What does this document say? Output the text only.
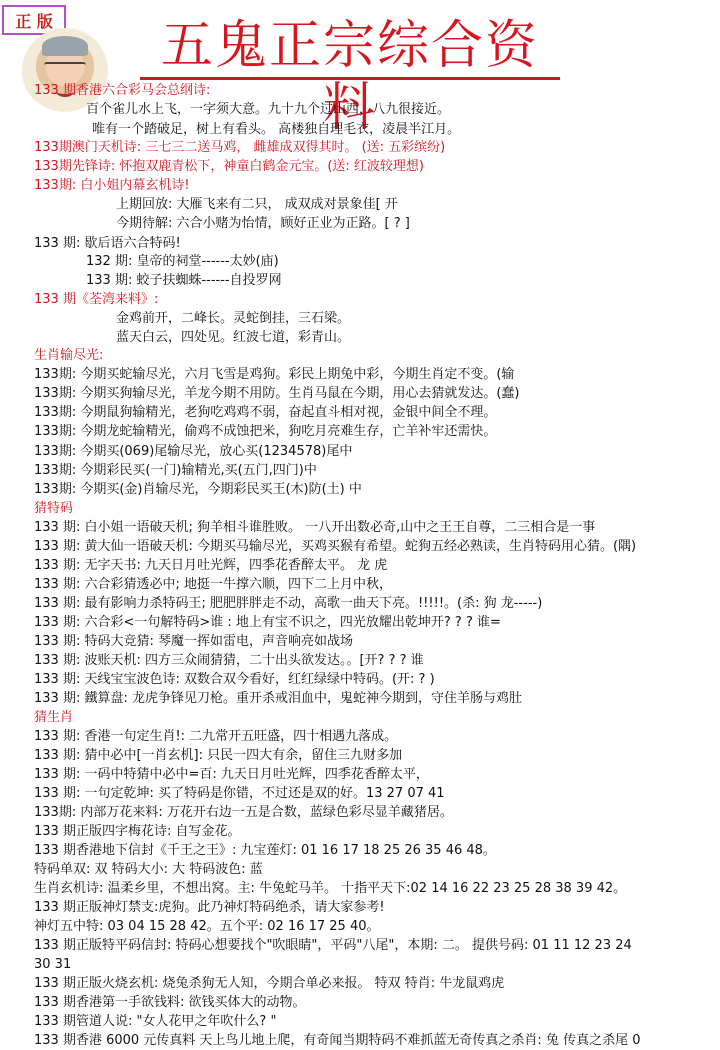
正 版	五鬼正宗综合资料
133 期香港六合彩马会总纲诗:
百个雀儿水上飞，一字须大意。九十九个过山西，八九很接近。
唯有一个踏破足，树上有看头。 高楼独自理毛衣，凌晨半江月。
133期澳门天机诗: 三七三二送马鸡， 雌雄成双得其时。 (送: 五彩缤纷)
133期先锋诗: 怀抱双鹿青松下，神童白鹤金元宝。(送: 红波较理想)
133期: 白小姐内幕玄机诗!
上期回放: 大雁飞来有二只， 成双成对景象佳[ 开
今期待解: 六合小赌为怡情，顾好正业为正路。[ ? ]
133 期: 歇后语六合特码!
132 期: 皇帝的祠堂------太妙(庙)
133 期: 蛟子扶蜘蛛------自投罗网
133 期《荃湾来料》:
金鸡前开，二峰长。灵蛇倒挂，三石梁。
蓝天白云，四处见。红波七道，彩青山。
生肖输尽光:
133期: 今期买蛇输尽光，六月飞雪是鸡狗。彩民上期兔中彩，今期生肖定不变。(输
133期: 今期买狗输尽光，羊龙今期不用防。生肖马鼠在今期，用心去猜就发达。(蠢)
133期: 今期鼠狗输精光，老狗吃鸡鸡不弱，奋起直斗相对视，金银中间全不理。
133期: 今期龙蛇输精光，偷鸡不成蚀把米，狗吃月亮难生存，亡羊补牢还需快。
133期: 今期买(069)尾输尽光，放心买(1234578)尾中
133期: 今期彩民买(一门)输精光,买(五门,四门)中
133期: 今期买(金)肖输尽光，今期彩民买王(木)防(土) 中
猜特码
133 期: 白小姐一语破天机; 狗羊相斗谁胜败。 一八开出数必奇,山中之王王自尊，二三相合是一事
133 期: 黄大仙一语破天机: 今期买马输尽光，买鸡买猴有希望。蛇狗五经必熟读，生肖特码用心猜。(隅)
133 期: 无字天书: 九天日月吐光辉，四季花香醉太平。 龙 虎
133 期: 六合彩猜透必中; 地挺一牛撑六顺，四下二上月中秋，
133 期: 最有影响力杀特码王; 肥肥胖胖走不动，高歌一曲天下亮。!!!!!。(杀: 狗 龙-----)
133 期: 六合彩<一句解特码>谁 : 地上有宝不识之，四光放耀出乾坤开? ? ? 谁=
133 期: 特码大竞猜: 琴魔一挥如雷电，声音响亮如战场
133 期: 波账天机: 四方三众闹猜猜，二十出头欲发达。。[开? ? ? 谁
133 期: 天线宝宝波色诗: 双数合双今看好，红红绿绿中特码。(开: ? )
133 期: 鐵算盘: 龙虎争锋见刀枪。重开杀戒泪血中，鬼蛇神今期到，守住羊肠与鸡肚
猜生肖
133 期: 香港一句定生肖!: 二九常开五旺盛，四十相遇九落成。
133 期: 猜中必中[一肖玄机]: 只民一四大有余，留住三九财多加
133 期: 一码中特猜中必中=百: 九天日月吐光辉，四季花香醉太平，
133 期: 一句定乾坤: 买了特码是你错，不过还是双的好。13 27 07 41
133期: 内部万花来料: 万花开右边一五是合数，蓝绿色彩尽显羊藏猪居。
133 期正版四字梅花诗: 自写金花。
133 期香港地下信封《千王之王》: 九宝莲灯: 01 16 17 18 25 26 35 46 48。
特码单双: 双 特码大小: 大 特码波色: 蓝
生肖玄机诗: 温柔乡里，不想出窝。主: 牛兔蛇马羊。 十指平天下:02 14 16 22 23 25 28 38 39 42。
133 期正版神灯禁支:虎狗。此乃神灯特码绝杀，请大家参考!
神灯五中特: 03 04 15 28 42。五个平: 02 16 17 25 40。
133 期正版特平码信封: 特码心想要找个"吹眼睛"，平码"八尾"，本期: 二。 提供号码: 01 11 12 23 24
30 31
133 期正版火烧玄机: 烧兔杀狗无人知，今期合单必来报。 特双 特肖: 牛龙鼠鸡虎
133 期香港第一手欲钱料: 欲钱买体大的动物。
133 期管道人说: "女人花甲之年吹什么? "
133 期香港 6000 元传真料 天上鸟儿地上爬，有奇闻当期特码不难抓蓝无奇传真之杀肖: 兔 传真之杀尾 0
